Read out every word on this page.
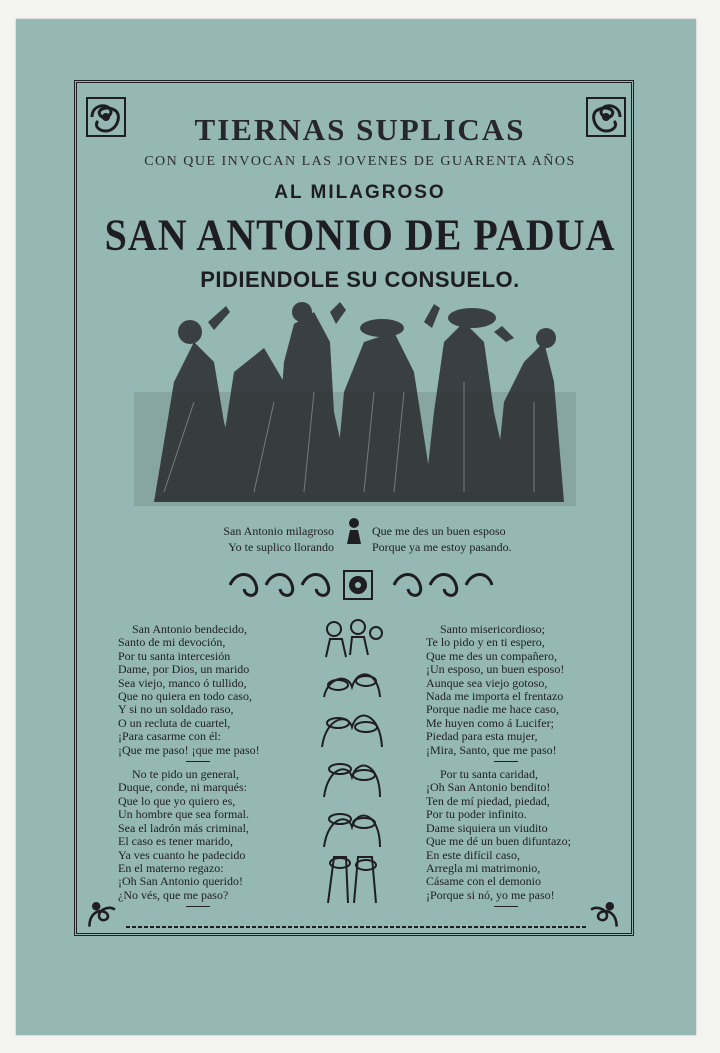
TIERNAS SUPLICAS
CON QUE INVOCAN LAS JOVENES DE GUARENTA AÑOS
AL MILAGROSO
SAN ANTONIO DE PADUA
PIDIENDOLE SU CONSUELO.
San Antonio milagroso
Yo te suplico llorando
Que me des un buen esposo
Porque ya me estoy pasando.
San Antonio bendecido,
Santo de mi devoción,
Por tu santa intercesión
Dame, por Dios, un marido
Sea viejo, manco ó tullido,
Que no quiera en todo caso,
Y si no un soldado raso,
O un recluta de cuartel,
¡Para casarme con él:
¡Que me paso! ¡que me paso!
No te pido un general,
Duque, conde, ni marqués:
Que lo que yo quiero es,
Un hombre que sea formal.
Sea el ladrón más criminal,
El caso es tener marido,
Ya ves cuanto he padecido
En el materno regazo:
¡Oh San Antonio querido!
¿No vés, que me paso?
Santo misericordioso;
Te lo pido y en ti espero,
Que me des un compañero,
¡Un esposo, un buen esposo!
Aunque sea viejo gotoso,
Nada me importa el frentazo
Porque nadie me hace caso,
Me huyen como á Lucifer;
Piedad para esta mujer,
¡Mira, Santo, que me paso!
Por tu santa caridad,
¡Oh San Antonio bendito!
Ten de mí piedad, piedad,
Por tu poder infinito.
Dame siquiera un viudito
Que me dé un buen difuntazo;
En este difícil caso,
Arregla mi matrimonio,
Cásame con el demonio
¡Porque si nó, yo me paso!
